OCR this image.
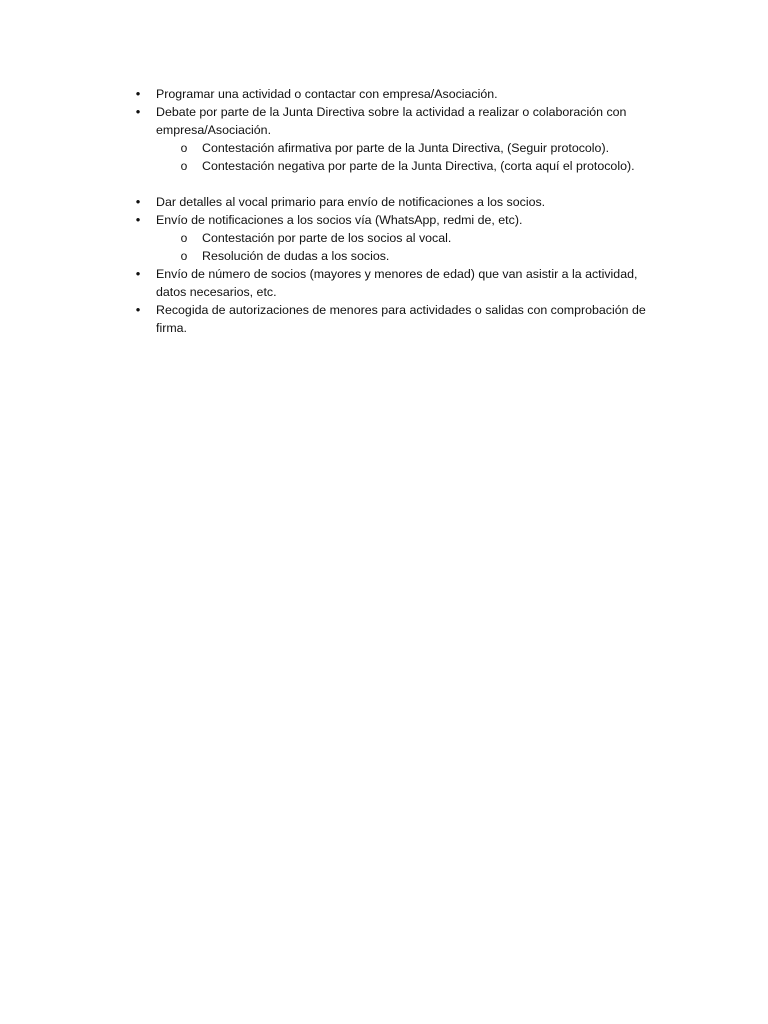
• Programar una actividad o contactar con empresa/Asociación.
• Debate por parte de la Junta Directiva sobre la actividad a realizar o colaboración con empresa/Asociación.
o Contestación afirmativa por parte de la Junta Directiva, (Seguir protocolo).
o Contestación negativa por parte de la Junta Directiva, (corta aquí el protocolo).
• Dar detalles al vocal primario para envío de notificaciones a los socios.
• Envío de notificaciones a los socios vía (WhatsApp, redmi de, etc).
o Contestación por parte de los socios al vocal.
o Resolución de dudas a los socios.
• Envío de número de socios (mayores y menores de edad) que van asistir a la actividad, datos necesarios, etc.
• Recogida de autorizaciones de menores para actividades o salidas con comprobación de firma.
